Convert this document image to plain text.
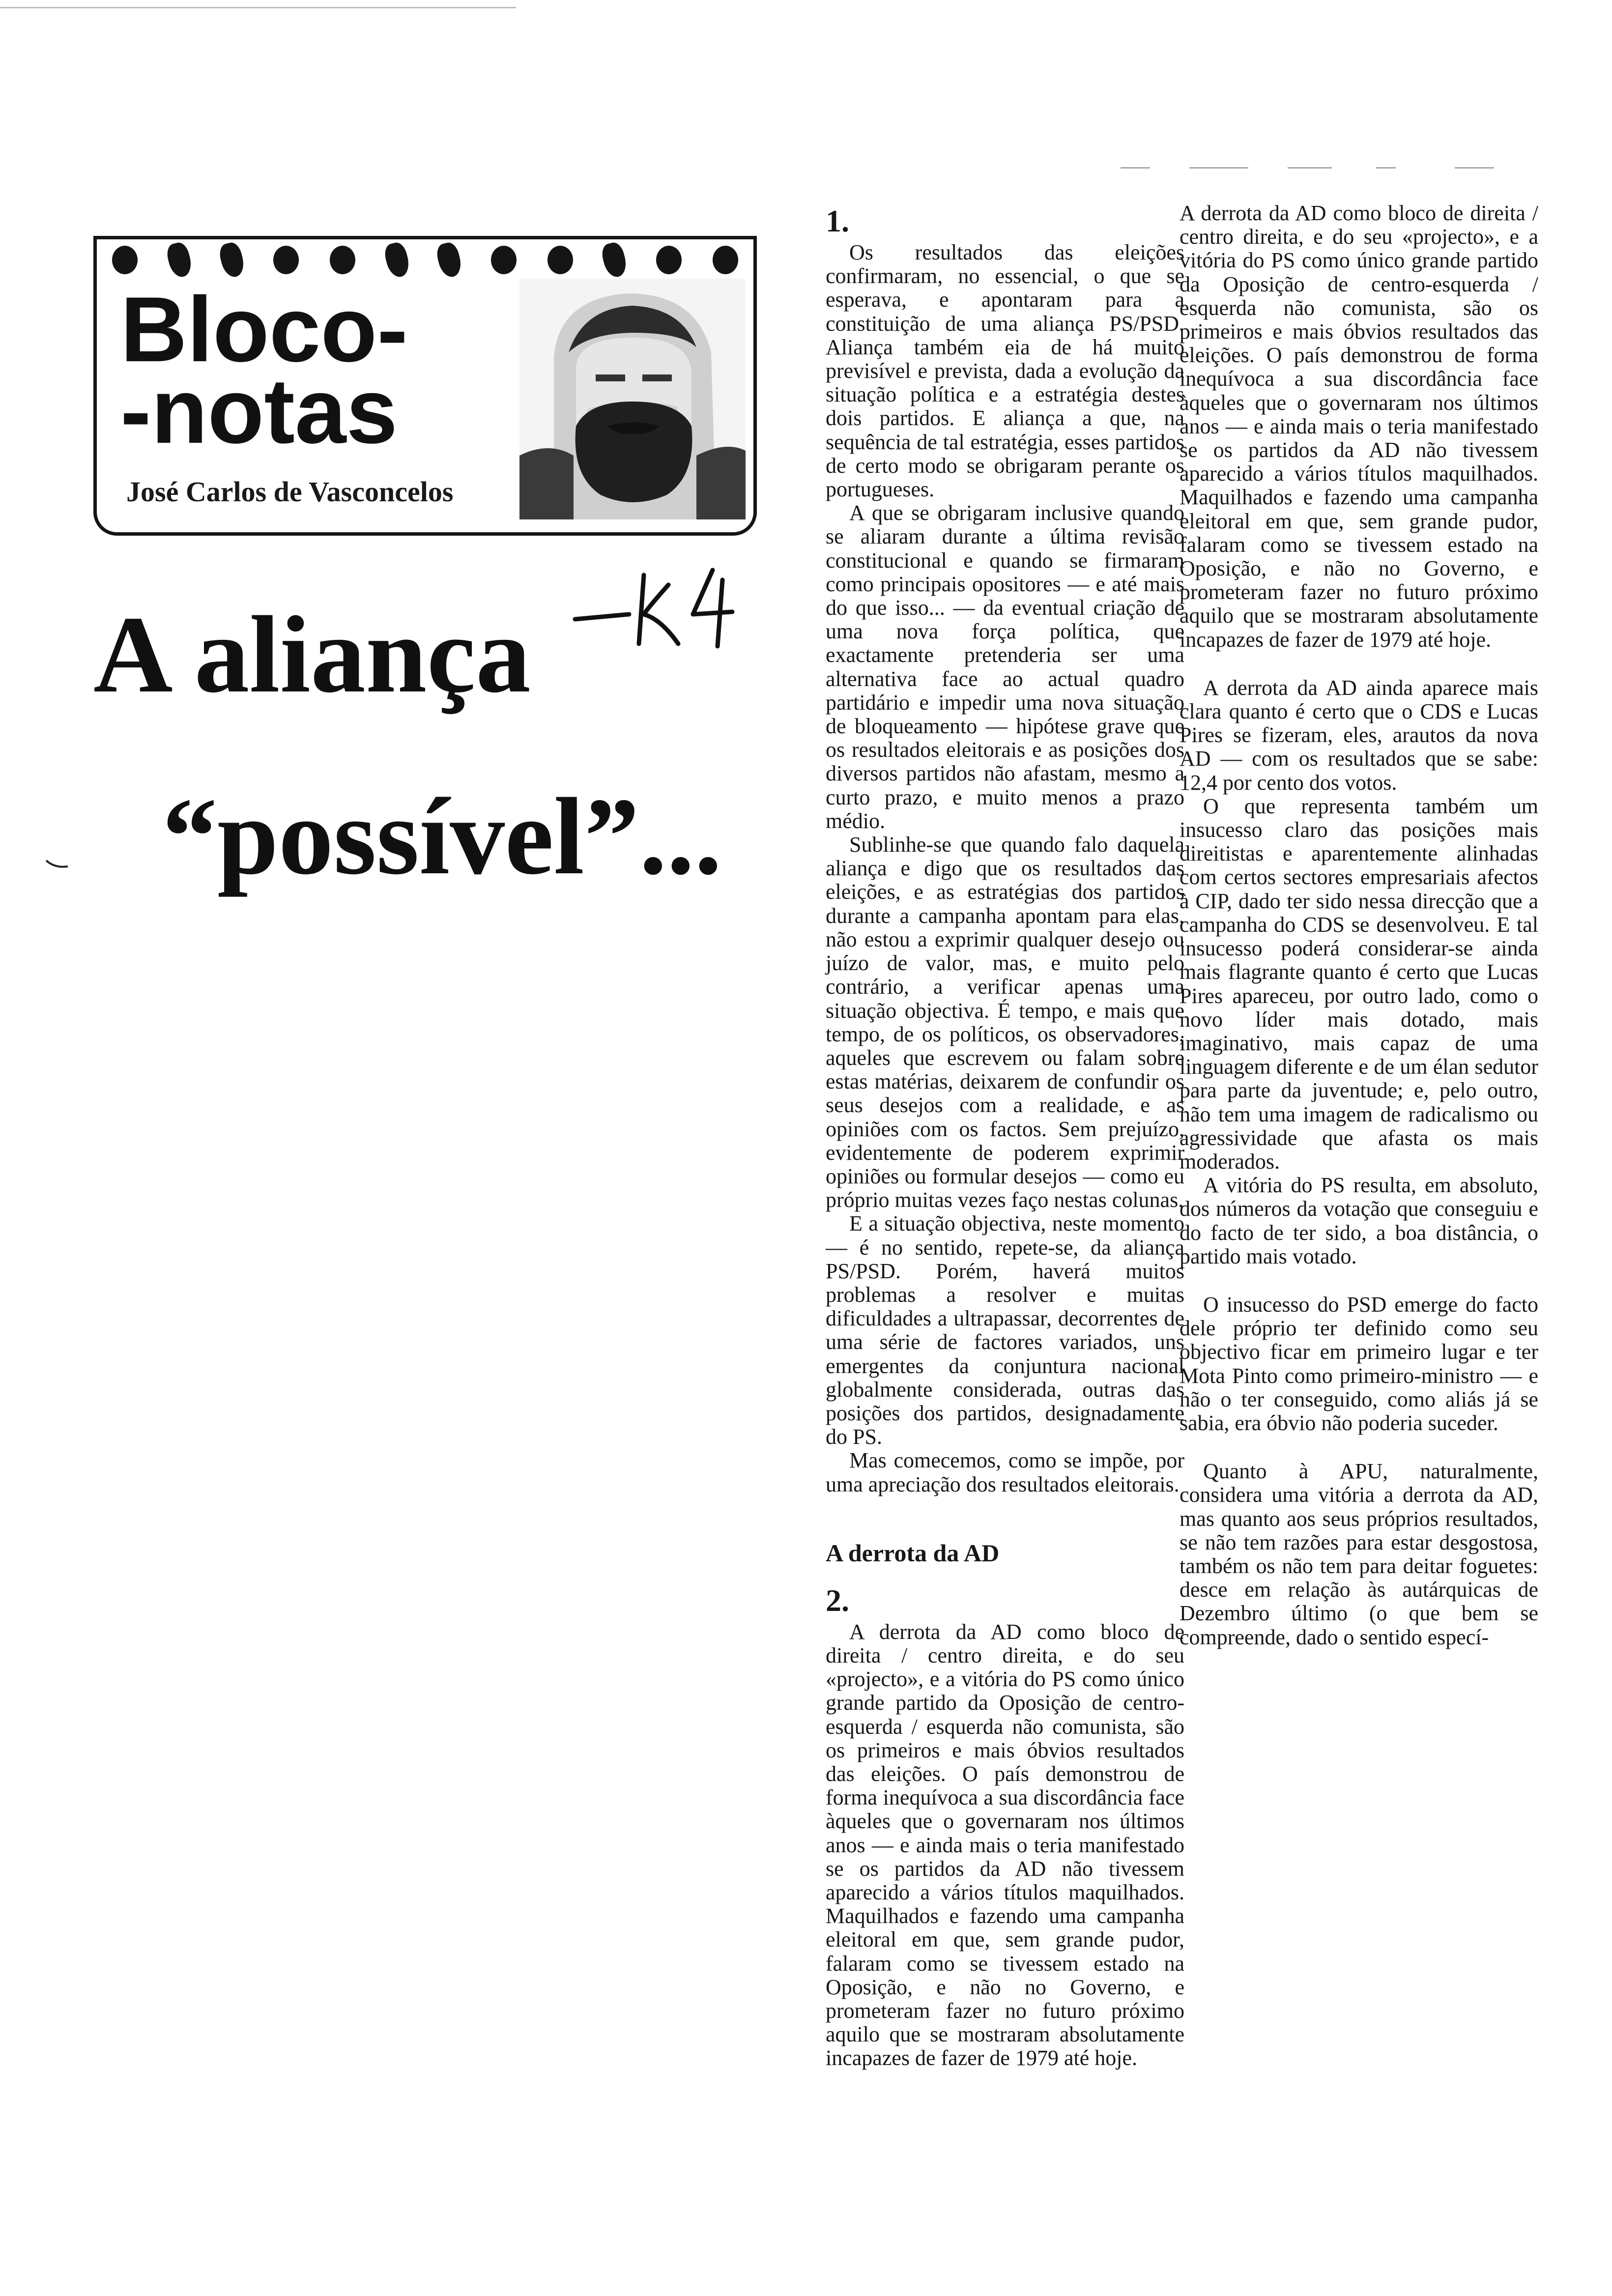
Bloco-
-notas

José Carlos de Vasconcelos

A aliança
“possível”...

1.

Os resultados das eleições confirmaram, no essencial, o que se esperava, e apontaram para a constituição de uma aliança PS/PSD. Aliança também eia de há muito previsível e prevista, dada a evolução da situação política e a estratégia destes dois partidos. E aliança a que, na sequência de tal estratégia, esses partidos de certo modo se obrigaram perante os portugueses.

A que se obrigaram inclusive quando se aliaram durante a última revisão constitucional e quando se firmaram como principais opositores — e até mais do que isso... — da eventual criação de uma nova força política, que exactamente pretenderia ser uma alternativa face ao actual quadro partidário e impedir uma nova situação de bloqueamento — hipótese grave que os resultados eleitorais e as posições dos diversos partidos não afastam, mesmo a curto prazo, e muito menos a prazo médio.

Sublinhe-se que quando falo daquela aliança e digo que os resultados das eleições, e as estratégias dos partidos durante a campanha apontam para elas, não estou a exprimir qualquer desejo ou juízo de valor, mas, e muito pelo contrário, a verificar apenas uma situação objectiva. É tempo, e mais que tempo, de os políticos, os observadores, aqueles que escrevem ou falam sobre estas matérias, deixarem de confundir os seus desejos com a realidade, e as opiniões com os factos. Sem prejuízo, evidentemente de poderem exprimir opiniões ou formular desejos — como eu próprio muitas vezes faço nestas colunas.

E a situação objectiva, neste momento — é no sentido, repete-se, da aliança PS/PSD. Porém, haverá muitos problemas a resolver e muitas dificuldades a ultrapassar, decorrentes de uma série de factores variados, uns emergentes da conjuntura nacional globalmente considerada, outras das posições dos partidos, designadamente do PS.

Mas comecemos, como se impõe, por uma apreciação dos resultados eleitorais.

A derrota da AD

2.

A derrota da AD como bloco de direita / centro direita, e do seu «projecto», e a vitória do PS como único grande partido da Oposição de centro-esquerda / esquerda não comunista, são os primeiros e mais óbvios resultados das eleições. O país demonstrou de forma inequívoca a sua discordância face àqueles que o governaram nos últimos anos — e ainda mais o teria manifestado se os partidos da AD não tivessem aparecido a vários títulos maquilhados. Maquilhados e fazendo uma campanha eleitoral em que, sem grande pudor, falaram como se tivessem estado na Oposição, e não no Governo, e prometeram fazer no futuro próximo aquilo que se mostraram absolutamente incapazes de fazer de 1979 até hoje.

A derrota da AD como bloco de direita / centro direita, e do seu «projecto», e a vitória do PS como único grande partido da Oposição de centro-esquerda / esquerda não comunista, são os primeiros e mais óbvios resultados das eleições. O país demonstrou de forma inequívoca a sua discordância face àqueles que o governaram nos últimos anos — e ainda mais o teria manifestado se os partidos da AD não tivessem aparecido a vários títulos maquilhados. Maquilhados e fazendo uma campanha eleitoral em que, sem grande pudor, falaram como se tivessem estado na Oposição, e não no Governo, e prometeram fazer no futuro próximo aquilo que se mostraram absolutamente incapazes de fazer de 1979 até hoje.

A derrota da AD ainda aparece mais clara quanto é certo que o CDS e Lucas Pires se fizeram, eles, arautos da nova AD — com os resultados que se sabe: 12,4 por cento dos votos.

O que representa também um insucesso claro das posições mais direitistas e aparentemente alinhadas com certos sectores empresariais afectos à CIP, dado ter sido nessa direcção que a campanha do CDS se desenvolveu. E tal insucesso poderá considerar-se ainda mais flagrante quanto é certo que Lucas Pires apareceu, por outro lado, como o novo líder mais dotado, mais imaginativo, mais capaz de uma linguagem diferente e de um élan sedutor para parte da juventude; e, pelo outro, não tem uma imagem de radicalismo ou agressividade que afasta os mais moderados.

A vitória do PS resulta, em absoluto, dos números da votação que conseguiu e do facto de ter sido, a boa distância, o partido mais votado.

O insucesso do PSD emerge do facto dele próprio ter definido como seu objectivo ficar em primeiro lugar e ter Mota Pinto como primeiro-ministro — e não o ter conseguido, como aliás já se sabia, era óbvio não poderia suceder.

Quanto à APU, naturalmente, considera uma vitória a derrota da AD, mas quanto aos seus próprios resultados, se não tem razões para estar desgostosa, também os não tem para deitar foguetes: desce em relação às autárquicas de Dezembro último (o que bem se compreende, dado o sentido especí-
